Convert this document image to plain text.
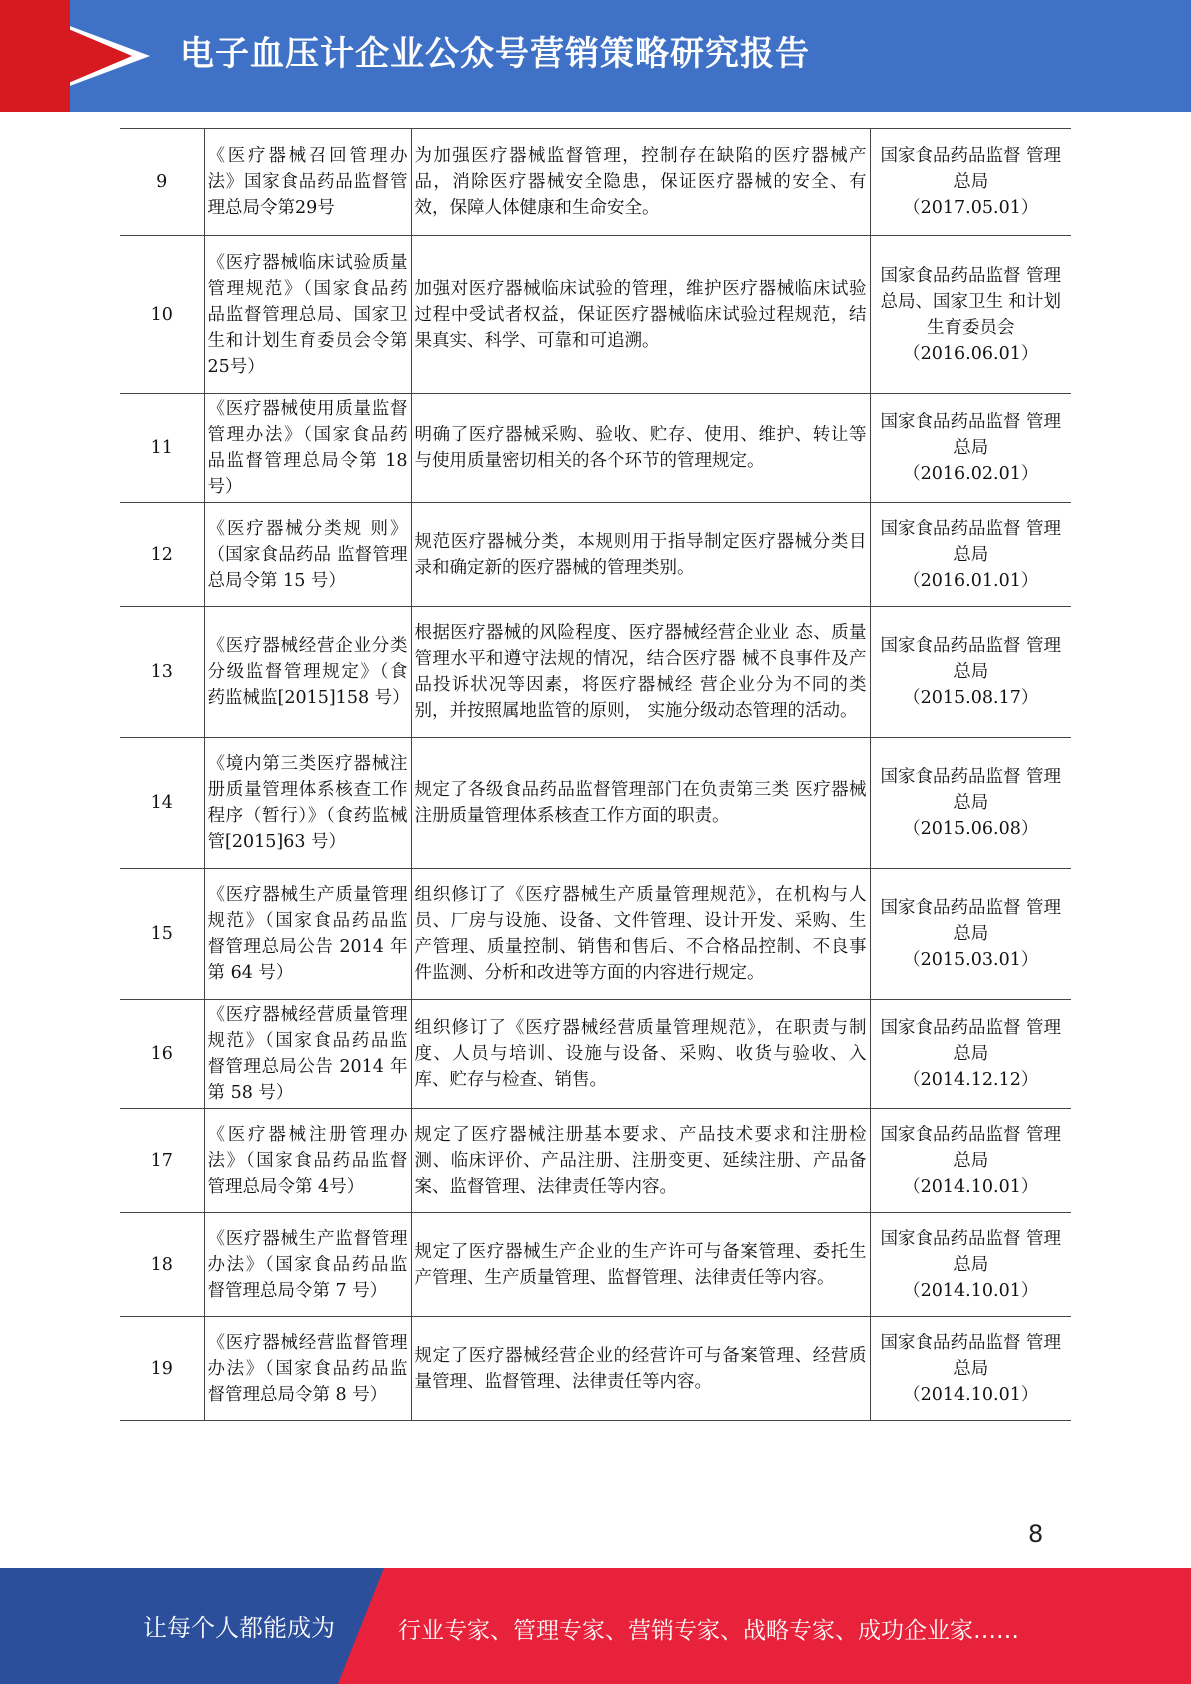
电子血压计企业公众号营销策略研究报告
9	《医疗器械召回管理办法》国家食品药品监督管理总局令第29号	为加强医疗器械监督管理，控制存在缺陷的医疗器械产品，消除医疗器械安全隐患，保证医疗器械的安全、有效，保障人体健康和生命安全。	国家食品药品监督 管理总局
（2017.05.01）

10	《医疗器械临床试验质量管理规范》（国家食品药品监督管理总局、国家卫生和计划生育委员会令第25号）	加强对医疗器械临床试验的管理，维护医疗器械临床试验过程中受试者权益，保证医疗器械临床试验过程规范，结果真实、科学、可靠和可追溯。	国家食品药品监督 管理总局、国家卫生 和计划生育委员会
（2016.06.01）

11	《医疗器械使用质量监督管理办法》（国家食品药品监督管理总局令第 18 号）	明确了医疗器械采购、验收、贮存、使用、维护、转让等与使用质量密切相关的各个环节的管理规定。	国家食品药品监督 管理总局
（2016.02.01）

12	《医疗器械分类规 则》（国家食品药品 监督管理总局令第 15 号）	规范医疗器械分类，本规则用于指导制定医疗器械分类目录和确定新的医疗器械的管理类别。	国家食品药品监督 管理总局
（2016.01.01）

13	《医疗器械经营企业分类分级监督管理规定》（食药监械监[2015]158 号）	根据医疗器械的风险程度、医疗器械经营企业业 态、质量管理水平和遵守法规的情况，结合医疗器 械不良事件及产品投诉状况等因素，将医疗器械经 营企业分为不同的类别，并按照属地监管的原则， 实施分级动态管理的活动。	国家食品药品监督 管理总局
（2015.08.17）

14	《境内第三类医疗器械注册质量管理体系核查工作程序（暂行）》（食药监械管[2015]63 号）	规定了各级食品药品监督管理部门在负责第三类 医疗器械注册质量管理体系核查工作方面的职责。	国家食品药品监督 管理总局
（2015.06.08）

15	《医疗器械生产质量管理规范》（国家食品药品监督管理总局公告 2014 年第 64 号）	组织修订了《医疗器械生产质量管理规范》，在机构与人员、厂房与设施、设备、文件管理、设计开发、采购、生产管理、质量控制、销售和售后、不合格品控制、不良事件监测、分析和改进等方面的内容进行规定。	国家食品药品监督 管理总局
（2015.03.01）

16	《医疗器械经营质量管理规范》（国家食品药品监督管理总局公告 2014 年第 58 号）	组织修订了《医疗器械经营质量管理规范》，在职责与制度、人员与培训、设施与设备、采购、收货与验收、入库、贮存与检查、销售。	国家食品药品监督 管理总局
（2014.12.12）

17	《医疗器械注册管理办法》（国家食品药品监督管理总局令第 4号）	规定了医疗器械注册基本要求、产品技术要求和注册检测、临床评价、产品注册、注册变更、延续注册、产品备案、监督管理、法律责任等内容。	国家食品药品监督 管理总局
（2014.10.01）

18	《医疗器械生产监督管理办法》（国家食品药品监督管理总局令第 7 号）	规定了医疗器械生产企业的生产许可与备案管理、委托生产管理、生产质量管理、监督管理、法律责任等内容。	国家食品药品监督 管理总局
（2014.10.01）

19	《医疗器械经营监督管理办法》（国家食品药品监督管理总局令第 8 号）	规定了医疗器械经营企业的经营许可与备案管理、经营质量管理、监督管理、法律责任等内容。	国家食品药品监督 管理总局
（2014.10.01）
8
让每个人都能成为	行业专家、管理专家、营销专家、战略专家、成功企业家……
